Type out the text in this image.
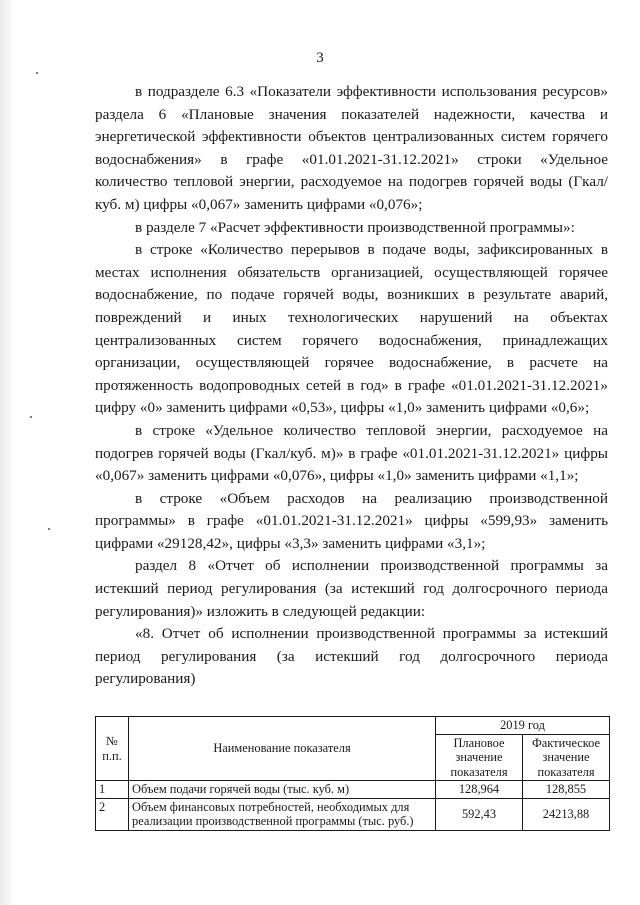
3

в подразделе 6.3 «Показатели эффективности использования ресурсов» раздела 6 «Плановые значения показателей надежности, качества и энергетической эффективности объектов централизованных систем горячего водоснабжения» в графе «01.01.2021-31.12.2021» строки «Удельное количество тепловой энергии, расходуемое на подогрев горячей воды (Гкал/куб. м) цифры «0,067» заменить цифрами «0,076»;

в разделе 7 «Расчет эффективности производственной программы»:

в строке «Количество перерывов в подаче воды, зафиксированных в местах исполнения обязательств организацией, осуществляющей горячее водоснабжение, по подаче горячей воды, возникших в результате аварий, повреждений и иных технологических нарушений на объектах централизованных систем горячего водоснабжения, принадлежащих организации, осуществляющей горячее водоснабжение, в расчете на протяженность водопроводных сетей в год» в графе «01.01.2021-31.12.2021» цифру «0» заменить цифрами «0,53», цифры «1,0» заменить цифрами «0,6»;

в строке «Удельное количество тепловой энергии, расходуемое на подогрев горячей воды (Гкал/куб. м)» в графе «01.01.2021-31.12.2021» цифры «0,067» заменить цифрами «0,076», цифры «1,0» заменить цифрами «1,1»;

в строке «Объем расходов на реализацию производственной программы» в графе «01.01.2021-31.12.2021» цифры «599,93» заменить цифрами «29128,42», цифры «3,3» заменить цифрами «3,1»;

раздел 8 «Отчет об исполнении производственной программы за истекший период регулирования (за истекший год долгосрочного периода регулирования)» изложить в следующей редакции:

«8. Отчет об исполнении производственной программы за истекший период регулирования (за истекший год долгосрочного периода регулирования)

№ п.п.	Наименование показателя	2019 год	
		Плановое значение показателя	Фактическое значение показателя
1	Объем подачи горячей воды (тыс. куб. м)	128,964	128,855
2	Объем финансовых потребностей, необходимых для реализации производственной программы (тыс. руб.)	592,43	24213,88
